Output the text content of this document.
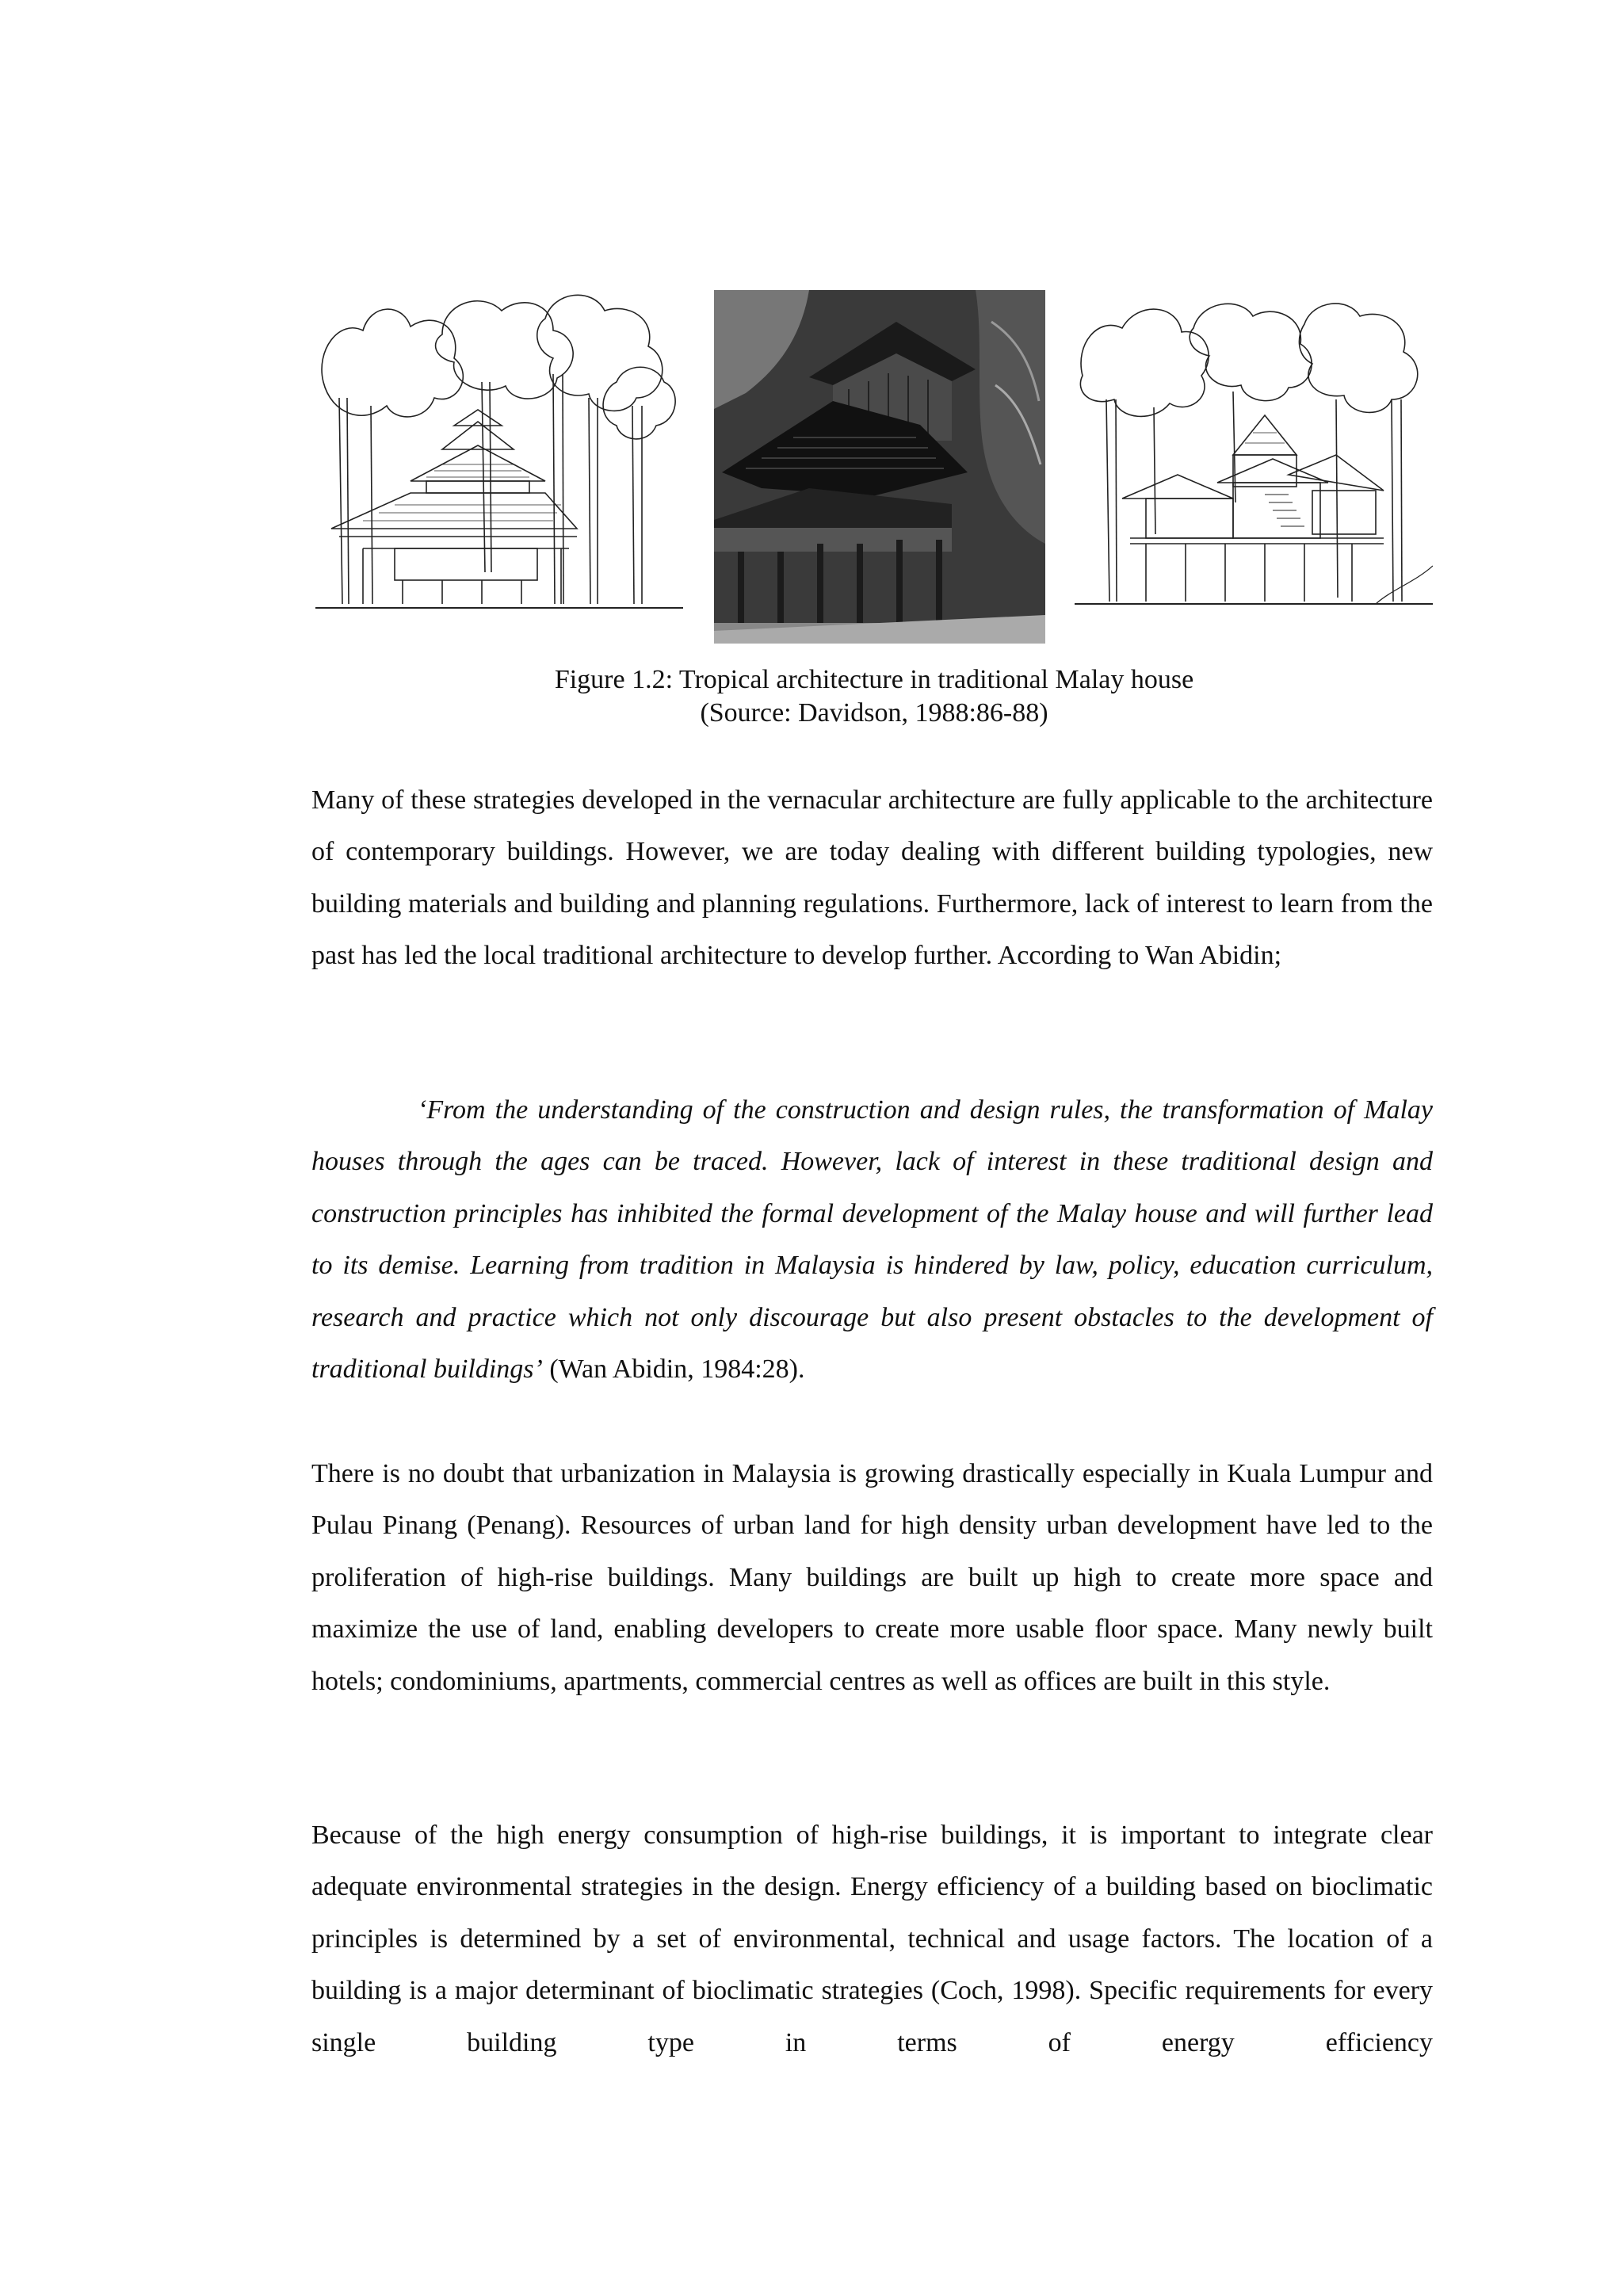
Figure 1.2: Tropical architecture in traditional Malay house
(Source: Davidson, 1988:86-88)

Many of these strategies developed in the vernacular architecture are fully applicable to the architecture of contemporary buildings. However, we are today dealing with different building typologies, new building materials and building and planning regulations. Furthermore, lack of interest to learn from the past has led the local traditional architecture to develop further. According to Wan Abidin;

‘From the understanding of the construction and design rules, the transformation of Malay houses through the ages can be traced. However, lack of interest in these traditional design and construction principles has inhibited the formal development of the Malay house and will further lead to its demise. Learning from tradition in Malaysia is hindered by law, policy, education curriculum, research and practice which not only discourage but also present obstacles to the development of traditional buildings’ (Wan Abidin, 1984:28).

There is no doubt that urbanization in Malaysia is growing drastically especially in Kuala Lumpur and Pulau Pinang (Penang). Resources of urban land for high density urban development have led to the proliferation of high-rise buildings. Many buildings are built up high to create more space and maximize the use of land, enabling developers to create more usable floor space. Many newly built hotels; condominiums, apartments, commercial centres as well as offices are built in this style.

Because of the high energy consumption of high-rise buildings, it is important to integrate clear adequate environmental strategies in the design. Energy efficiency of a building based on bioclimatic principles is determined by a set of environmental, technical and usage factors. The location of a building is a major determinant of bioclimatic strategies (Coch, 1998). Specific requirements for every single building type in terms of energy efficiency
